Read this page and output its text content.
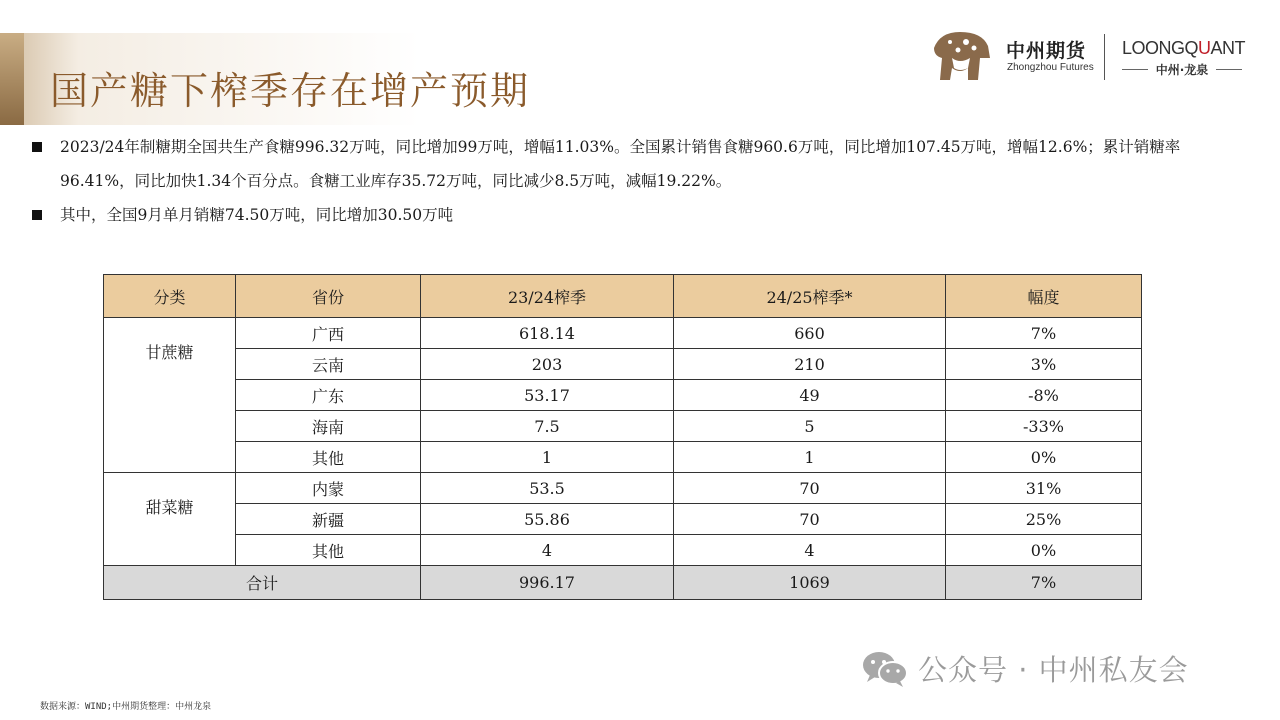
国产糖下榨季存在增产预期
中州期货
Zhongzhou Futures
LOONGQUANT
中州·龙泉
2023/24年制糖期全国共生产食糖996.32万吨，同比增加99万吨，增幅11.03%。全国累计销售食糖960.6万吨，同比增加107.45万吨，增幅12.6%；累计销糖率96.41%，同比加快1.34个百分点。食糖工业库存35.72万吨，同比减少8.5万吨，减幅19.22%。
其中，全国9月单月销糖74.50万吨，同比增加30.50万吨
分类	省份	23/24榨季	24/25榨季*	幅度
甘蔗糖	广西	618.14	660	7%
	云南	203	210	3%
	广东	53.17	49	-8%
	海南	7.5	5	-33%
	其他	1	1	0%
甜菜糖	内蒙	53.5	70	31%
	新疆	55.86	70	25%
	其他	4	4	0%
合计		996.17	1069	7%
公众号 · 中州私友会
数据来源：WIND;中州期货整理：中州龙泉
